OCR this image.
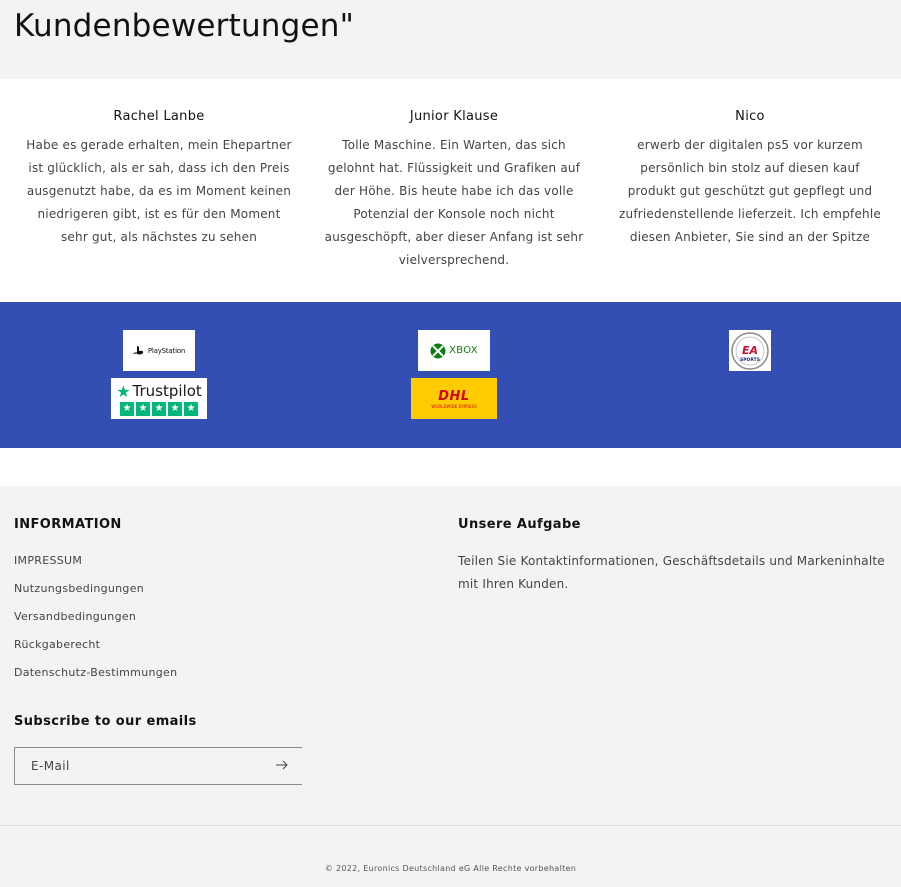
Kundenbewertungen"
Rachel Lanbe

Habe es gerade erhalten, mein Ehepartner ist glücklich, als er sah, dass ich den Preis ausgenutzt habe, da es im Moment keinen niedrigeren gibt, ist es für den Moment sehr gut, als nächstes zu sehen

Junior Klause

Tolle Maschine. Ein Warten, das sich gelohnt hat. Flüssigkeit und Grafiken auf der Höhe. Bis heute habe ich das volle Potenzial der Konsole noch nicht ausgeschöpft, aber dieser Anfang ist sehr vielversprechend.

Nico

erwerb der digitalen ps5 vor kurzem persönlich bin stolz auf diesen kauf produkt gut geschützt gut gepflegt und zufriedenstellende lieferzeit. Ich empfehle diesen Anbieter, Sie sind an der Spitze

PlayStation	XBOX	EA
SPORTS
★ Trustpilot
★ ★ ★ ★ ★
DHL
WORLDWIDE EXPRESS
INFORMATION
IMPRESSUM
Nutzungsbedingungen
Versandbedingungen
Rückgaberecht
Datenschutz-Bestimmungen
Unsere Aufgabe

Teilen Sie Kontaktinformationen, Geschäftsdetails und Markeninhalte mit Ihren Kunden.

Subscribe to our emails
E-Mail

© 2022, Euronics Deutschland eG Alle Rechte vorbehalten
